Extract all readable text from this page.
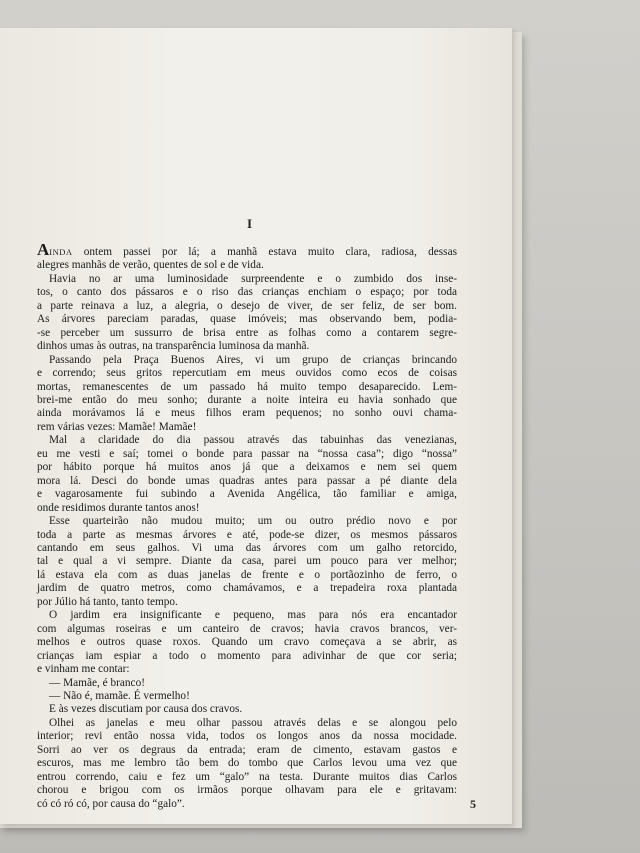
I

AINDA ontem passei por lá; a manhã estava muito clara, radiosa, dessas
alegres manhãs de verão, quentes de sol e de vida.

Havia no ar uma luminosidade surpreendente e o zumbido dos inse-
tos, o canto dos pássaros e o riso das crianças enchiam o espaço; por toda
a parte reinava a luz, a alegria, o desejo de viver, de ser feliz, de ser bom.
As árvores pareciam paradas, quase imóveis; mas observando bem, podia-
-se perceber um sussurro de brisa entre as folhas como a contarem segre-
dinhos umas às outras, na transparência luminosa da manhã.
Passando pela Praça Buenos Aires, vi um grupo de crianças brincando
e correndo; seus gritos repercutiam em meus ouvidos como ecos de coisas
mortas, remanescentes de um passado há muito tempo desaparecido. Lem-
brei-me então do meu sonho; durante a noite inteira eu havia sonhado que
ainda morávamos lá e meus filhos eram pequenos; no sonho ouvi chama-
rem várias vezes: Mamãe! Mamãe!
Mal a claridade do dia passou através das tabuinhas das venezianas,
eu me vesti e saí; tomei o bonde para passar na “nossa casa”; digo “nossa”
por hábito porque há muitos anos já que a deixamos e nem sei quem
mora lá. Desci do bonde umas quadras antes para passar a pé diante dela
e vagarosamente fui subindo a Avenida Angélica, tão familiar e amiga,
onde residimos durante tantos anos!
Esse quarteirão não mudou muito; um ou outro prédio novo e por
toda a parte as mesmas árvores e até, pode-se dizer, os mesmos pássaros
cantando em seus galhos. Vi uma das árvores com um galho retorcido,
tal e qual a vi sempre. Diante da casa, parei um pouco para ver melhor;
lá estava ela com as duas janelas de frente e o portãozinho de ferro, o
jardim de quatro metros, como chamávamos, e a trepadeira roxa plantada
por Júlio há tanto, tanto tempo.
O jardim era insignificante e pequeno, mas para nós era encantador
com algumas roseiras e um canteiro de cravos; havia cravos brancos, ver-
melhos e outros quase roxos. Quando um cravo começava a se abrir, as
crianças iam espiar a todo o momento para adivinhar de que cor seria;
e vinham me contar:
— Mamãe, é branco!
— Não é, mamãe. É vermelho!
E às vezes discutiam por causa dos cravos.
Olhei as janelas e meu olhar passou através delas e se alongou pelo
interior; revi então nossa vida, todos os longos anos da nossa mocidade.
Sorri ao ver os degraus da entrada; eram de cimento, estavam gastos e
escuros, mas me lembro tão bem do tombo que Carlos levou uma vez que
entrou correndo, caiu e fez um “galo” na testa. Durante muitos dias Carlos
chorou e brigou com os irmãos porque olhavam para ele e gritavam:
có có ró có, por causa do “galo”.	5
